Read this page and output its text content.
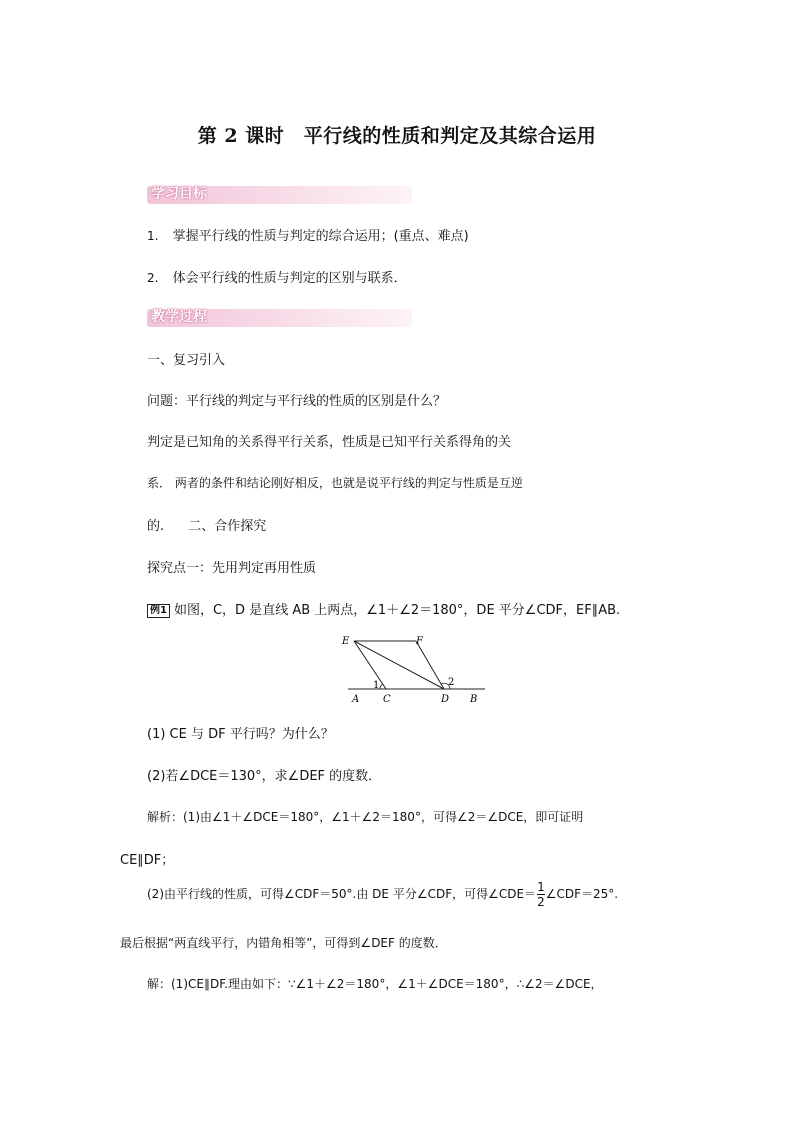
第 2 课时　平行线的性质和判定及其综合运用
学习目标
1. 掌握平行线的性质与判定的综合运用；(重点、难点)
2. 体会平行线的性质与判定的区别与联系．
教学过程
一、复习引入
问题：平行线的判定与平行线的性质的区别是什么？
判定是已知角的关系得平行关系，性质是已知平行关系得角的关
系． 两者的条件和结论刚好相反，也就是说平行线的判定与性质是互逆
的. 二、合作探究
探究点一：先用判定再用性质
例1 如图，C，D 是直线 AB 上两点，∠1＋∠2＝180°，DE 平分∠CDF，EF∥AB.
E	F
A C	D B
1	2
(1) CE 与 DF 平行吗？为什么？
(2)若∠DCE＝130°，求∠DEF 的度数．
解析：(1)由∠1＋∠DCE＝180°，∠1＋∠2＝180°，可得∠2＝∠DCE，即可证明
CE∥DF；
(2)由平行线的性质，可得∠CDF＝50°.由 DE 平分∠CDF，可得∠CDE＝ $\frac{1}{2}$ ∠CDF＝25°.
最后根据“两直线平行，内错角相等”，可得到∠DEF 的度数．
解：(1)CE∥DF.理由如下：∵∠1＋∠2＝180°，∠1＋∠DCE＝180°，∴∠2＝∠DCE，
